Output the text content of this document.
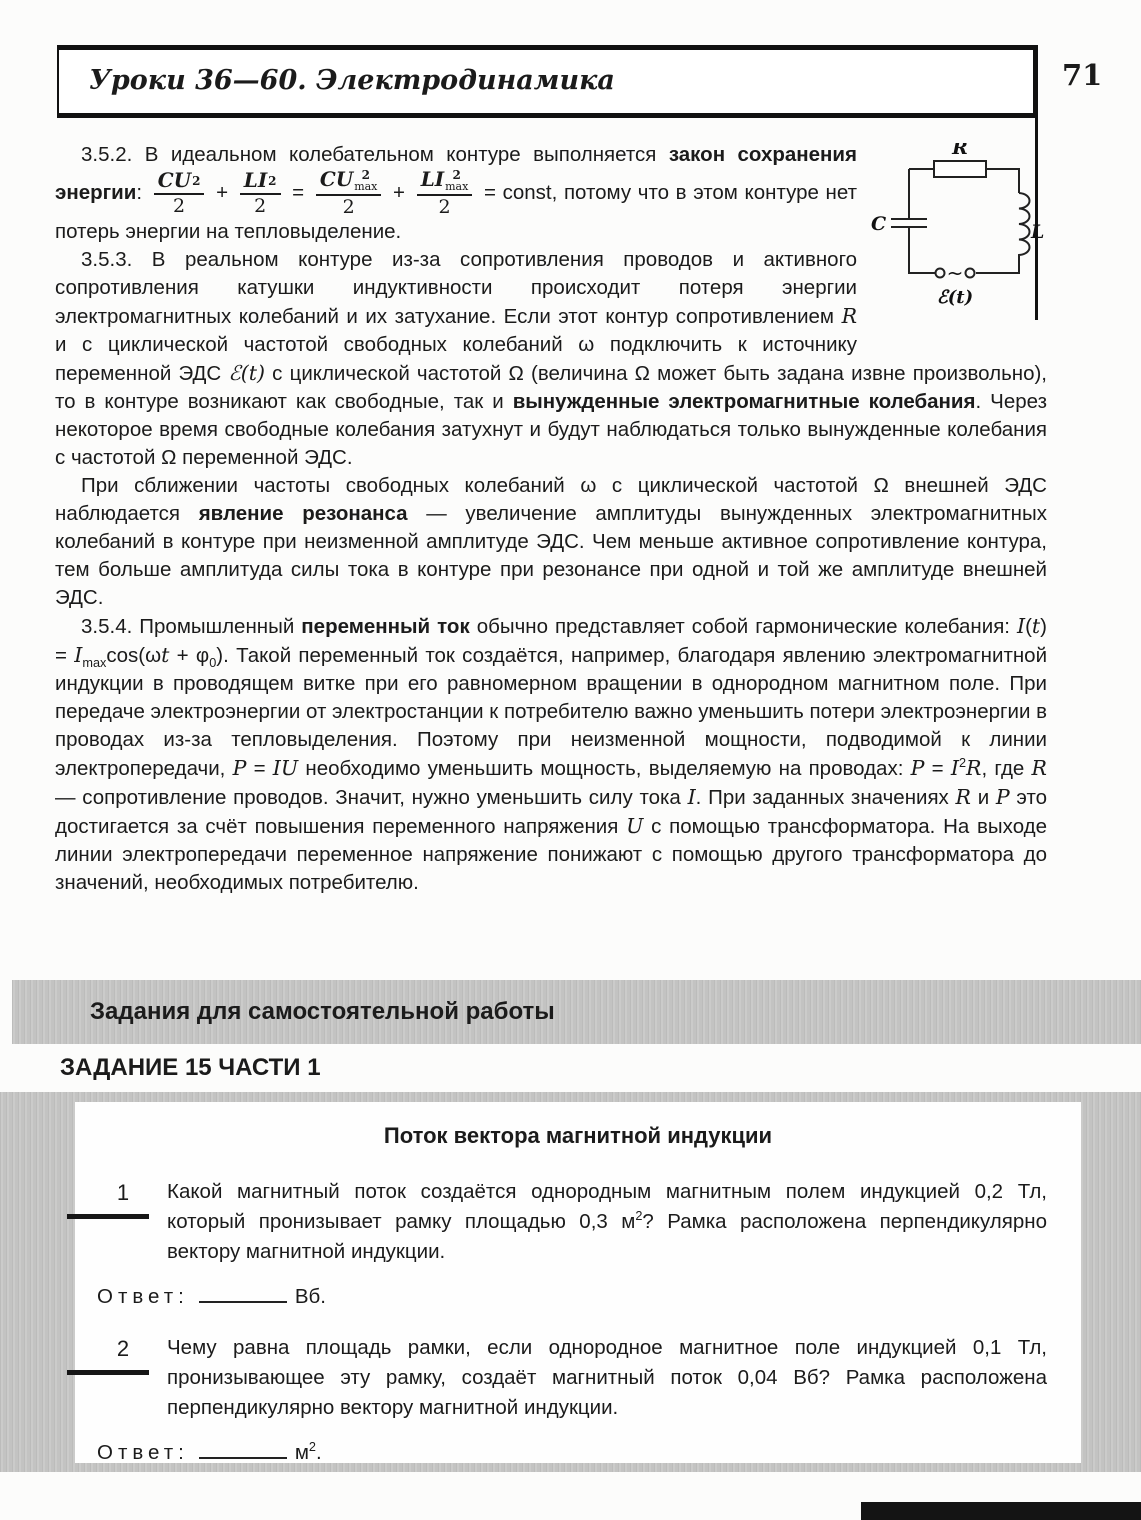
Уроки 36—60. Электродинамика	71
R
C	L
~
ℰ(t)

3.5.2. В идеальном колебательном контуре выполняется закон сохранения энергии: $\frac{CU 2}{2} + \frac{LI 2}{2}$ = CU 2
max
2 + LI 2
max
2 = const, потому что в этом контуре нет потерь энергии на тепловыделение.

3.5.3. В реальном контуре из-за сопротивления проводов и активного сопротивления катушки индуктивности происходит потеря энергии электромагнитных колебаний и их затухание. Если этот контур сопротивлением R и с циклической частотой свободных колебаний ω подключить к источнику переменной ЭДС ℰ(t) с циклической частотой Ω (величина Ω может быть задана извне произвольно), то в контуре возникают как свободные, так и вынужденные электромагнитные колебания. Через некоторое время свободные колебания затухнут и будут наблюдаться только вынужденные колебания с частотой Ω переменной ЭДС.

При сближении частоты свободных колебаний ω с циклической частотой Ω внешней ЭДС наблюдается явление резонанса — увеличение амплитуды вынужденных электромагнитных колебаний в контуре при неизменной амплитуде ЭДС. Чем меньше активное сопротивление контура, тем больше амплитуда силы тока в контуре при резонансе при одной и той же амплитуде внешней ЭДС.

3.5.4. Промышленный переменный ток обычно представляет собой гармонические колебания: $I(t) = I_{max}\cos(\omega t + \varphi_0)$. Такой переменный ток создаётся, например, благодаря явлению электромагнитной индукции в проводящем витке при его равномерном вращении в однородном магнитном поле. При передаче электроэнергии от электростанции к потребителю важно уменьшить потери электроэнергии в проводах из-за тепловыделения. Поэтому при неизменной мощности, подводимой к линии электропередачи, P = IU необходимо уменьшить мощность, выделяемую на проводах: $P = I^2R$, где R — сопротивление проводов. Значит, нужно уменьшить силу тока I. При заданных значениях R и P это достигается за счёт повышения переменного напряжения U с помощью трансформатора. На выходе линии электропередачи переменное напряжение понижают с помощью другого трансформатора до значений, необходимых потребителю.

Задания для самостоятельной работы
ЗАДАНИЕ 15 ЧАСТИ 1
Поток вектора магнитной индукции
1	Какой магнитный поток создаётся однородным магнитным полем индукцией 0,2 Тл, который пронизывает рамку площадью 0,3 $м^2$? Рамка расположена перпендикулярно вектору магнитной индукции.
Ответ:	Вб.
2	Чему равна площадь рамки, если однородное магнитное поле индукцией 0,1 Тл, пронизывающее эту рамку, создаёт магнитный поток 0,04 Вб? Рамка расположена перпендикулярно вектору магнитной индукции.
Ответ:	$м^2$.
